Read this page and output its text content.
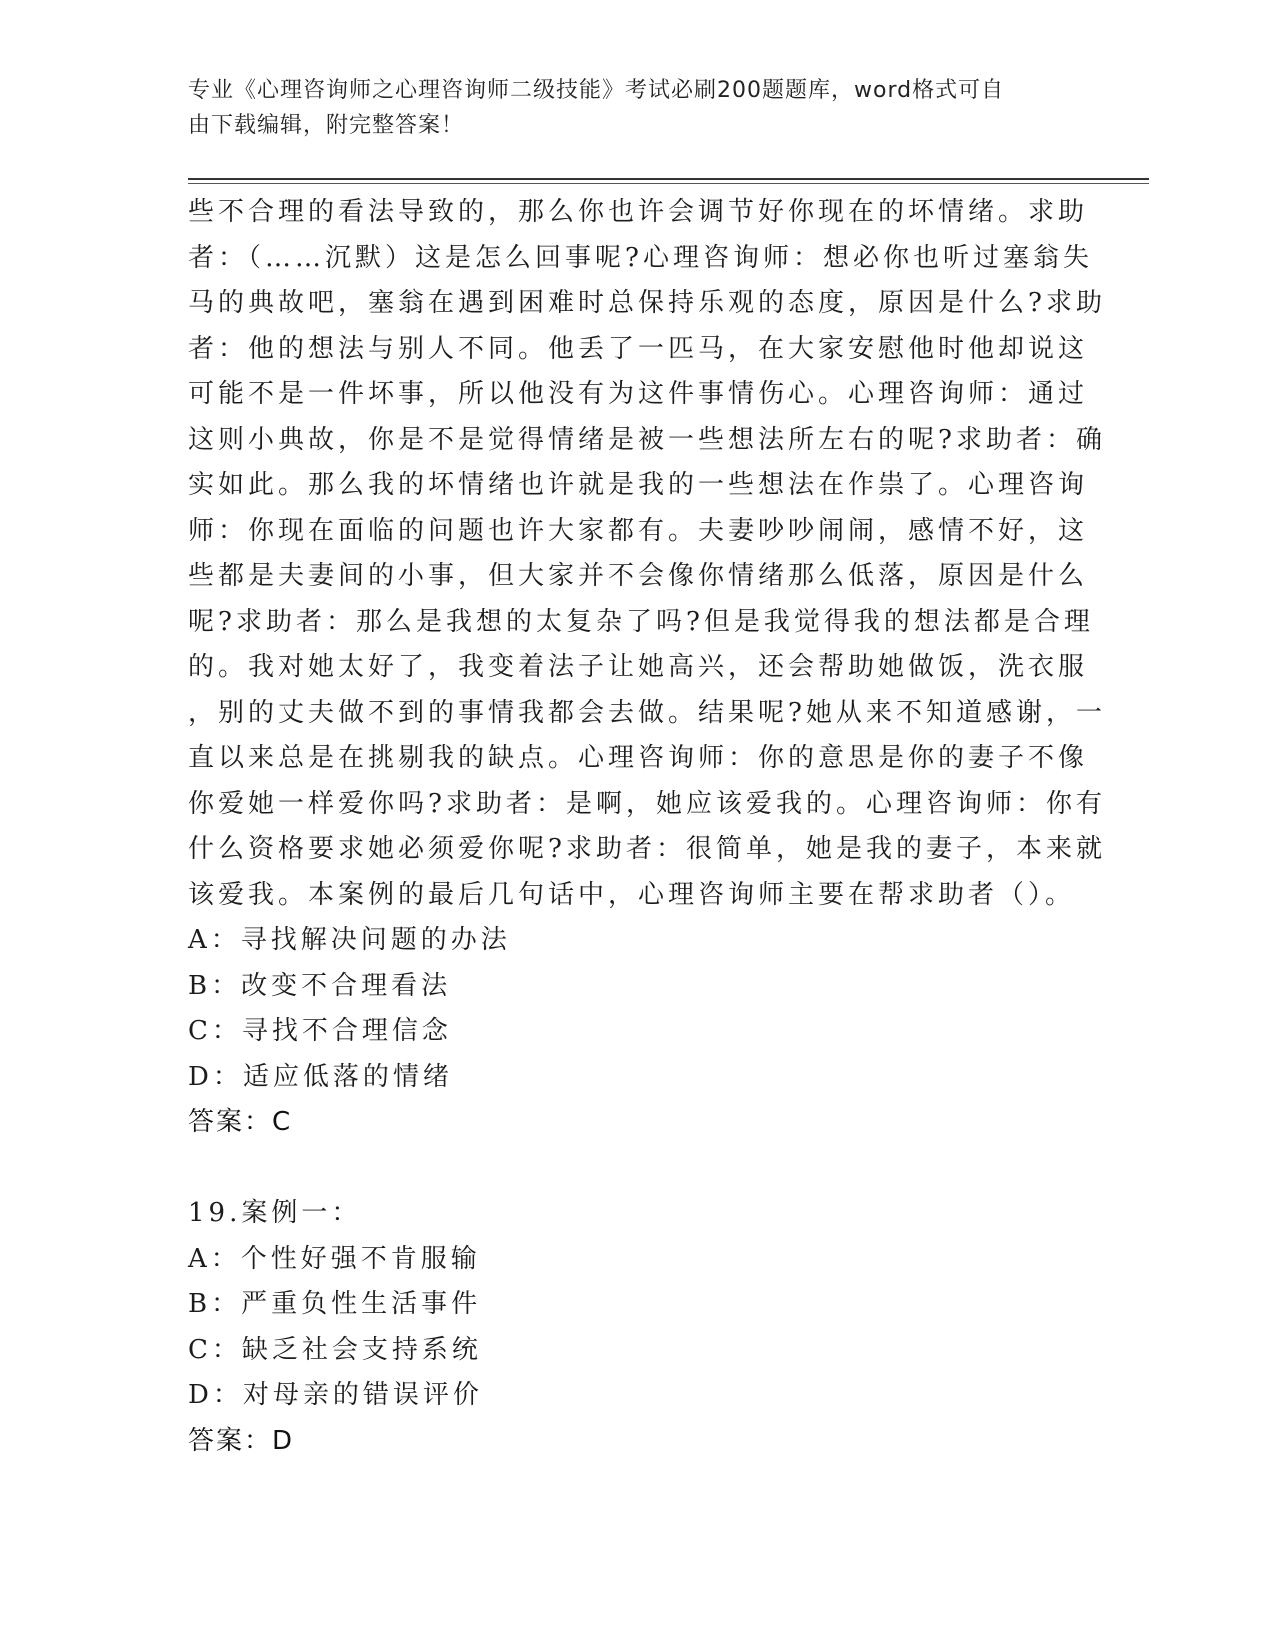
专业《心理咨询师之心理咨询师二级技能》考试必刷200题题库，word格式可自
由下载编辑，附完整答案！
些不合理的看法导致的，那么你也许会调节好你现在的坏情绪。求助
者：（……沉默）这是怎么回事呢?心理咨询师：想必你也听过塞翁失
马的典故吧，塞翁在遇到困难时总保持乐观的态度，原因是什么?求助
者：他的想法与别人不同。他丢了一匹马，在大家安慰他时他却说这
可能不是一件坏事，所以他没有为这件事情伤心。心理咨询师：通过
这则小典故，你是不是觉得情绪是被一些想法所左右的呢?求助者：确
实如此。那么我的坏情绪也许就是我的一些想法在作祟了。心理咨询
师：你现在面临的问题也许大家都有。夫妻吵吵闹闹，感情不好，这
些都是夫妻间的小事，但大家并不会像你情绪那么低落，原因是什么
呢?求助者：那么是我想的太复杂了吗?但是我觉得我的想法都是合理
的。我对她太好了，我变着法子让她高兴，还会帮助她做饭，洗衣服
，别的丈夫做不到的事情我都会去做。结果呢?她从来不知道感谢，一
直以来总是在挑剔我的缺点。心理咨询师：你的意思是你的妻子不像
你爱她一样爱你吗?求助者：是啊，她应该爱我的。心理咨询师：你有
什么资格要求她必须爱你呢?求助者：很简单，她是我的妻子，本来就
该爱我。本案例的最后几句话中，心理咨询师主要在帮求助者（）。
A：寻找解决问题的办法
B：改变不合理看法
C：寻找不合理信念
D：适应低落的情绪
答案：C
19.案例一：
A：个性好强不肯服输
B：严重负性生活事件
C：缺乏社会支持系统
D：对母亲的错误评价
答案：D
